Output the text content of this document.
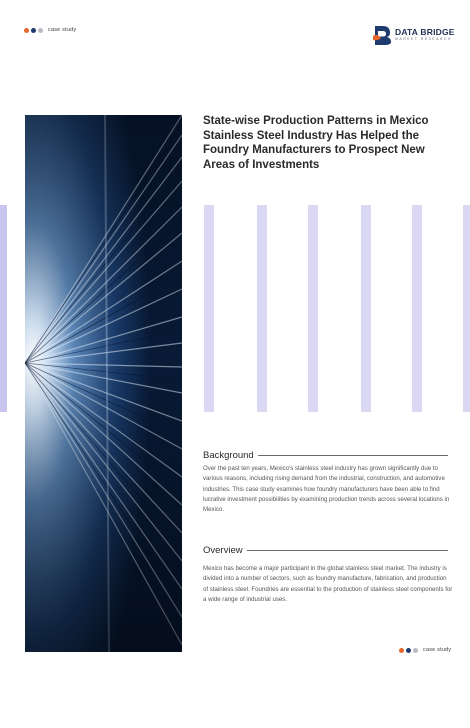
case study	DATA BRIDGE
MARKET RESEARCH
State-wise Production Patterns in Mexico Stainless Steel Industry Has Helped the Foundry Manufacturers to Prospect New Areas of Investments
Background
Over the past ten years, Mexico's stainless steel industry has grown significantly due to various reasons, including rising demand from the industrial, construction, and automotive industries. This case study examines how foundry manufacturers have been able to find lucrative investment possibilities by examining production trends across several locations in Mexico.
Overview
Mexico has become a major participant in the global stainless steel market. The industry is divided into a number of sectors, such as foundry manufacture, fabrication, and production of stainless steel. Foundries are essential to the production of stainless steel components for a wide range of industrial uses.
case study
